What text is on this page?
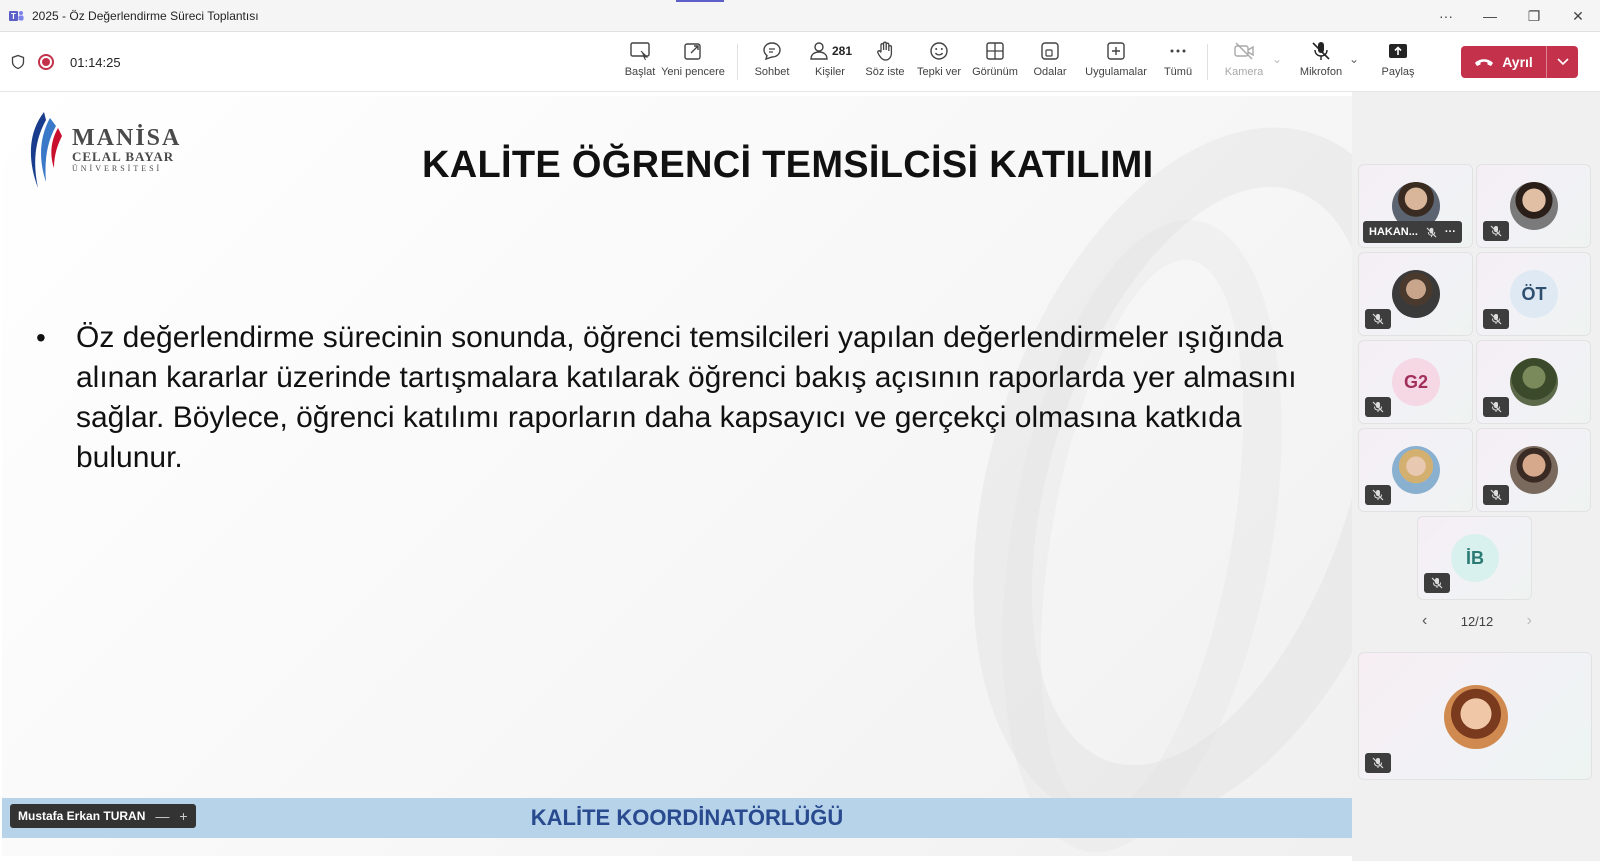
T 2025 - Öz Değerlendirme Süreci Toplantısı	···	—	❐	✕
01:14:25
Başlat Yeni pencere	Sohbet
281
Kişiler Söz iste Tepki ver Görünüm Odalar Uygulamalar Tümü	Kamera
⌄
Mikrofon
⌄
Paylaş
Ayrıl
MANİSA
CELAL BAYAR
ÜNİVERSİTESİ	KALİTE ÖĞRENCİ TEMSİLCİSİ KATILIMI
•	Öz değerlendirme sürecinin sonunda, öğrenci temsilcileri yapılan değerlendirmeler ışığında alınan kararlar üzerinde tartışmalara katılarak öğrenci bakış açısının raporlarda yer almasını sağlar. Böylece, öğrenci katılımı raporların daha kapsayıcı ve gerçekçi olmasına katkıda bulunur.

KALİTE KOORDİNATÖRLÜĞÜ
Mustafa Erkan TURAN — +
HAKAN... ···
ÖT
G2
İB
‹	12/12 ›
